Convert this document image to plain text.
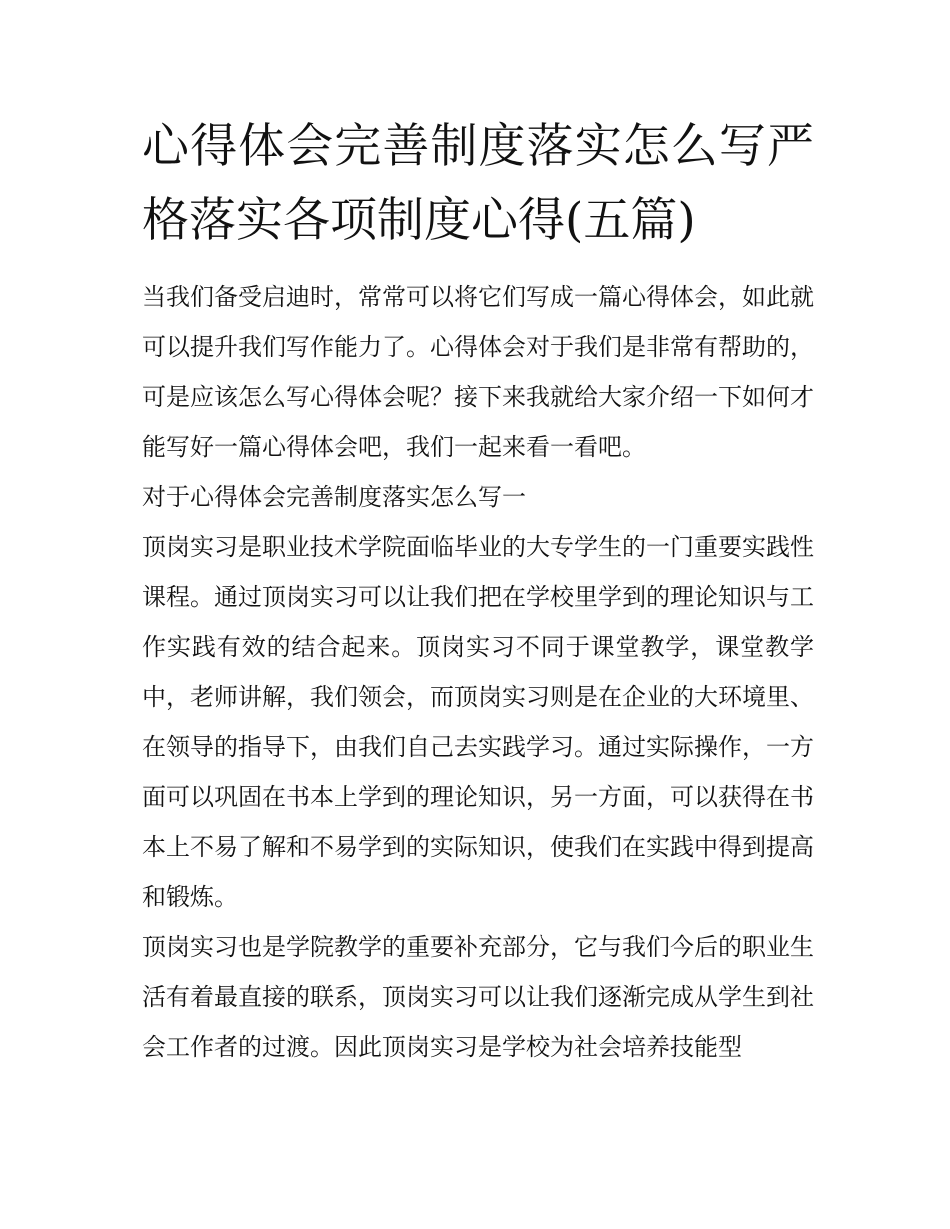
心得体会完善制度落实怎么写严格落实各项制度心得(五篇)

当我们备受启迪时，常常可以将它们写成一篇心得体会，如此就可以提升我们写作能力了。心得体会对于我们是非常有帮助的，可是应该怎么写心得体会呢？接下来我就给大家介绍一下如何才能写好一篇心得体会吧，我们一起来看一看吧。

对于心得体会完善制度落实怎么写一

顶岗实习是职业技术学院面临毕业的大专学生的一门重要实践性课程。通过顶岗实习可以让我们把在学校里学到的理论知识与工作实践有效的结合起来。顶岗实习不同于课堂教学，课堂教学中，老师讲解，我们领会，而顶岗实习则是在企业的大环境里、在领导的指导下，由我们自己去实践学习。通过实际操作，一方面可以巩固在书本上学到的理论知识，另一方面，可以获得在书本上不易了解和不易学到的实际知识，使我们在实践中得到提高和锻炼。

顶岗实习也是学院教学的重要补充部分，它与我们今后的职业生活有着最直接的联系，顶岗实习可以让我们逐渐完成从学生到社会工作者的过渡。因此顶岗实习是学校为社会培养技能型
